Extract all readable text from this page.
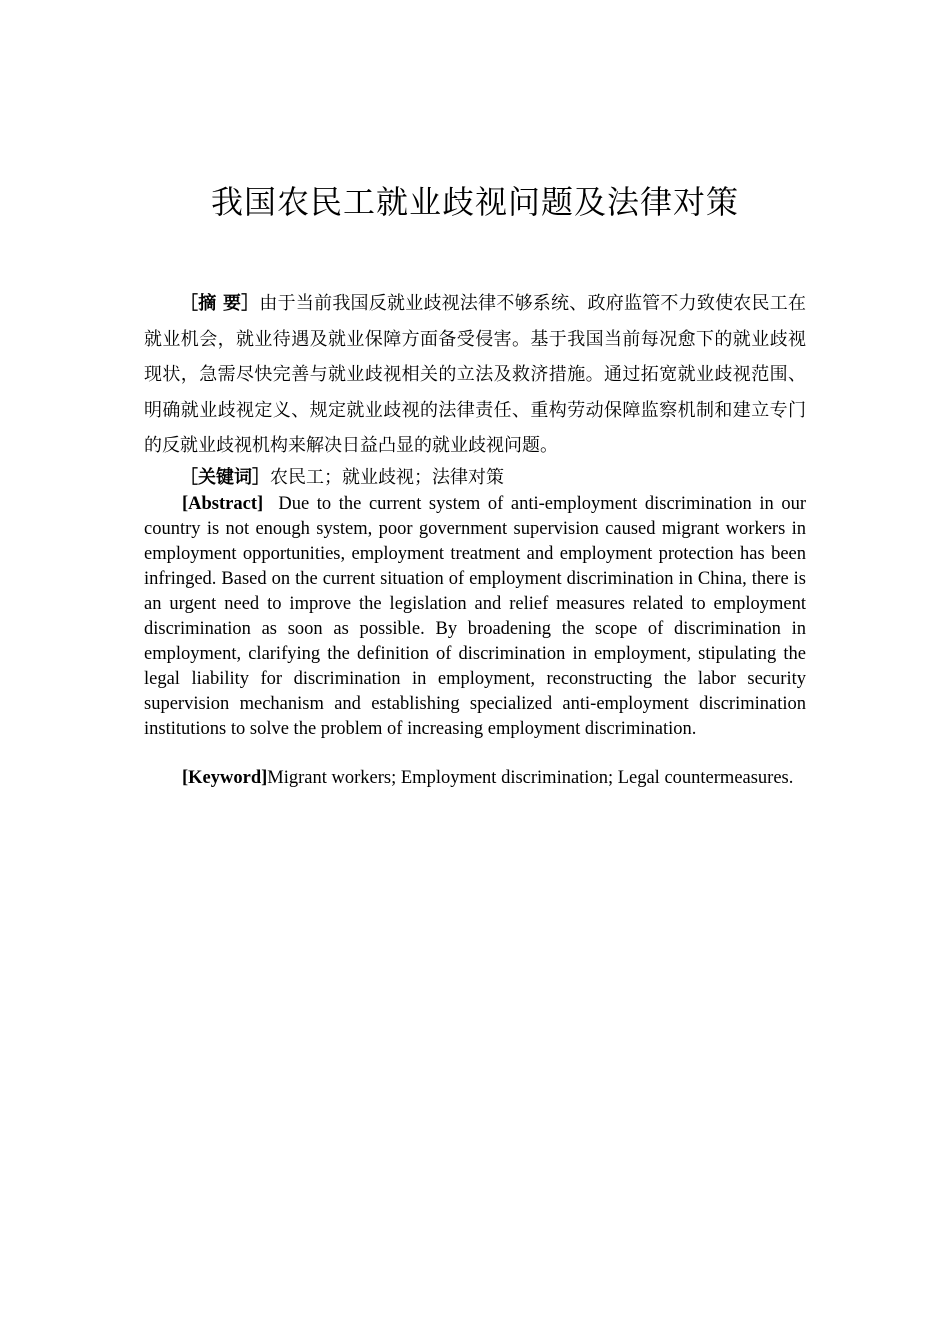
我国农民工就业歧视问题及法律对策

［摘 要］由于当前我国反就业歧视法律不够系统、政府监管不力致使农民工在就业机会，就业待遇及就业保障方面备受侵害。基于我国当前每况愈下的就业歧视现状，急需尽快完善与就业歧视相关的立法及救济措施。通过拓宽就业歧视范围、明确就业歧视定义、规定就业歧视的法律责任、重构劳动保障监察机制和建立专门的反就业歧视机构来解决日益凸显的就业歧视问题。

［关键词］农民工；就业歧视；法律对策

[Abstract] Due to the current system of anti-employment discrimination in our country is not enough system, poor government supervision caused migrant workers in employment opportunities, employment treatment and employment protection has been infringed. Based on the current situation of employment discrimination in China, there is an urgent need to improve the legislation and relief measures related to employment discrimination as soon as possible. By broadening the scope of discrimination in employment, clarifying the definition of discrimination in employment, stipulating the legal liability for discrimination in employment, reconstructing the labor security supervision mechanism and establishing specialized anti-employment discrimination institutions to solve the problem of increasing employment discrimination.

[Keyword]Migrant workers; Employment discrimination; Legal countermeasures.
